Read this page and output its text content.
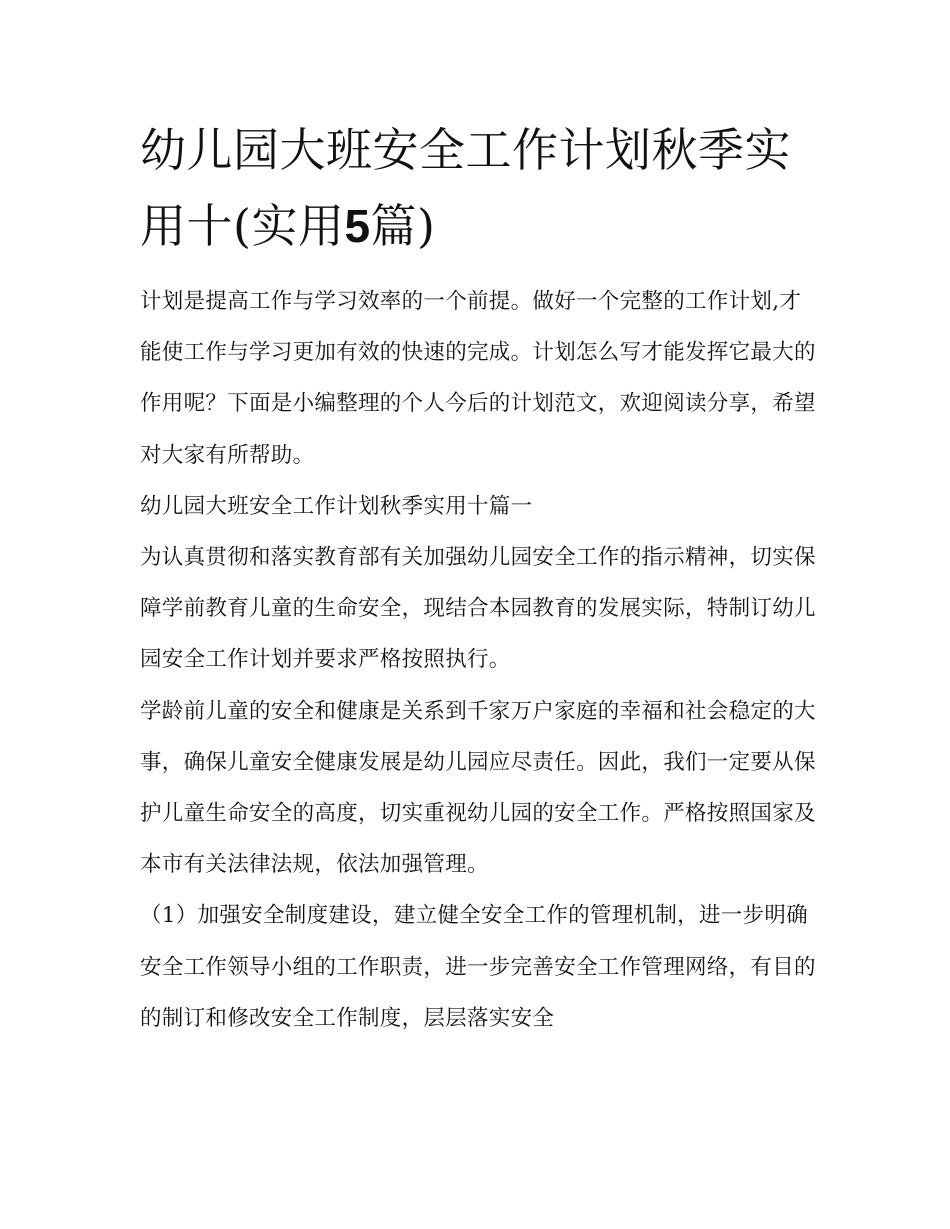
幼儿园大班安全工作计划秋季实用十(实用5篇)

计划是提高工作与学习效率的一个前提。做好一个完整的工作计划,才能使工作与学习更加有效的快速的完成。计划怎么写才能发挥它最大的作用呢？下面是小编整理的个人今后的计划范文，欢迎阅读分享，希望对大家有所帮助。

幼儿园大班安全工作计划秋季实用十篇一

为认真贯彻和落实教育部有关加强幼儿园安全工作的指示精神，切实保障学前教育儿童的生命安全，现结合本园教育的发展实际，特制订幼儿园安全工作计划并要求严格按照执行。

学龄前儿童的安全和健康是关系到千家万户家庭的幸福和社会稳定的大事，确保儿童安全健康发展是幼儿园应尽责任。因此，我们一定要从保护儿童生命安全的高度，切实重视幼儿园的安全工作。严格按照国家及本市有关法律法规，依法加强管理。

（1）加强安全制度建设，建立健全安全工作的管理机制，进一步明确安全工作领导小组的工作职责，进一步完善安全工作管理网络，有目的的制订和修改安全工作制度，层层落实安全
